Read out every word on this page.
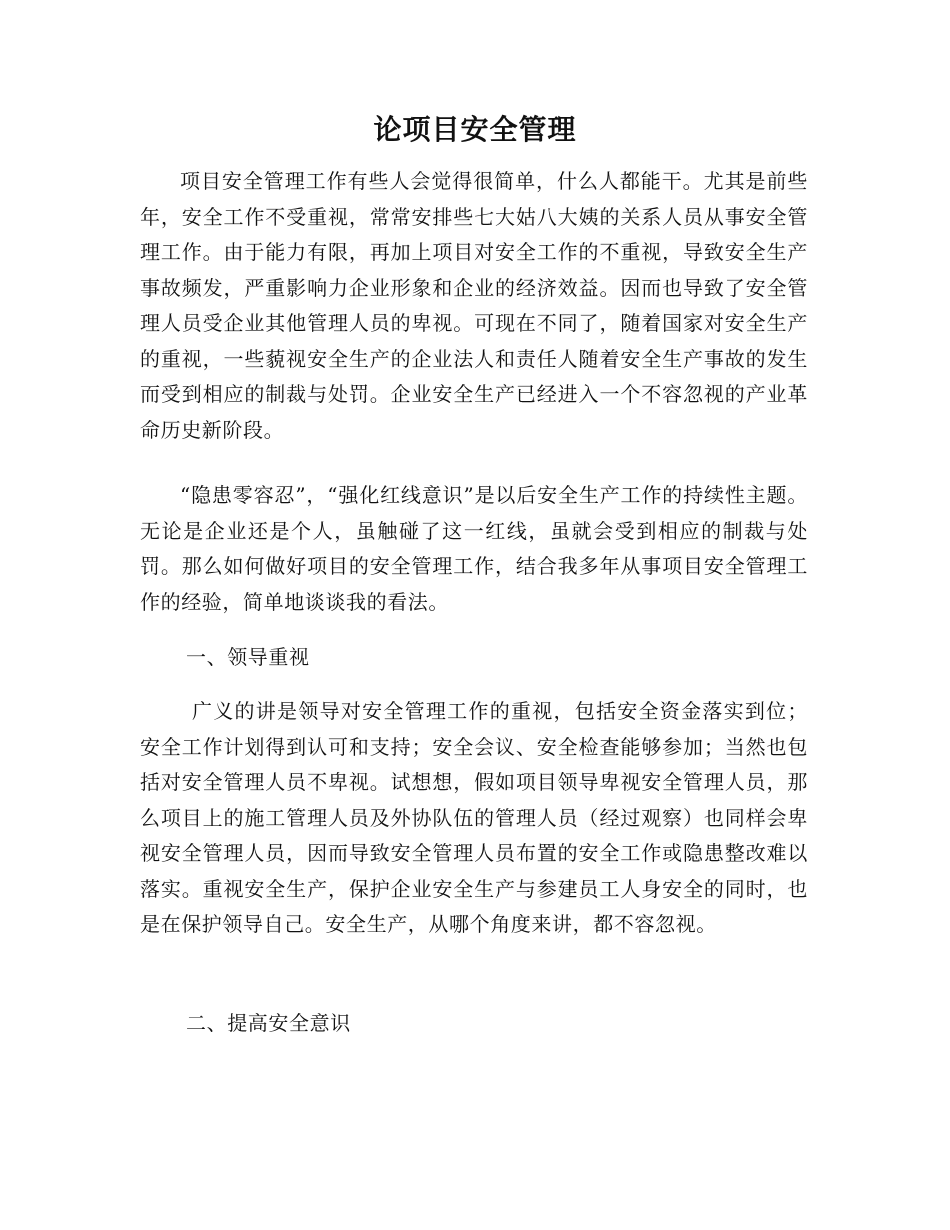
论项目安全管理

项目安全管理工作有些人会觉得很简单，什么人都能干。尤其是前些年，安全工作不受重视，常常安排些七大姑八大姨的关系人员从事安全管理工作。由于能力有限，再加上项目对安全工作的不重视，导致安全生产事故频发，严重影响力企业形象和企业的经济效益。因而也导致了安全管理人员受企业其他管理人员的卑视。可现在不同了，随着国家对安全生产的重视，一些藐视安全生产的企业法人和责任人随着安全生产事故的发生而受到相应的制裁与处罚。企业安全生产已经进入一个不容忽视的产业革命历史新阶段。

“隐患零容忍”，“强化红线意识”是以后安全生产工作的持续性主题。无论是企业还是个人，虽触碰了这一红线，虽就会受到相应的制裁与处罚。那么如何做好项目的安全管理工作，结合我多年从事项目安全管理工作的经验，简单地谈谈我的看法。

一、领导重视

广义的讲是领导对安全管理工作的重视，包括安全资金落实到位；安全工作计划得到认可和支持；安全会议、安全检查能够参加；当然也包括对安全管理人员不卑视。试想想，假如项目领导卑视安全管理人员，那么项目上的施工管理人员及外协队伍的管理人员（经过观察）也同样会卑视安全管理人员，因而导致安全管理人员布置的安全工作或隐患整改难以落实。重视安全生产，保护企业安全生产与参建员工人身安全的同时，也是在保护领导自己。安全生产，从哪个角度来讲，都不容忽视。

二、提高安全意识
